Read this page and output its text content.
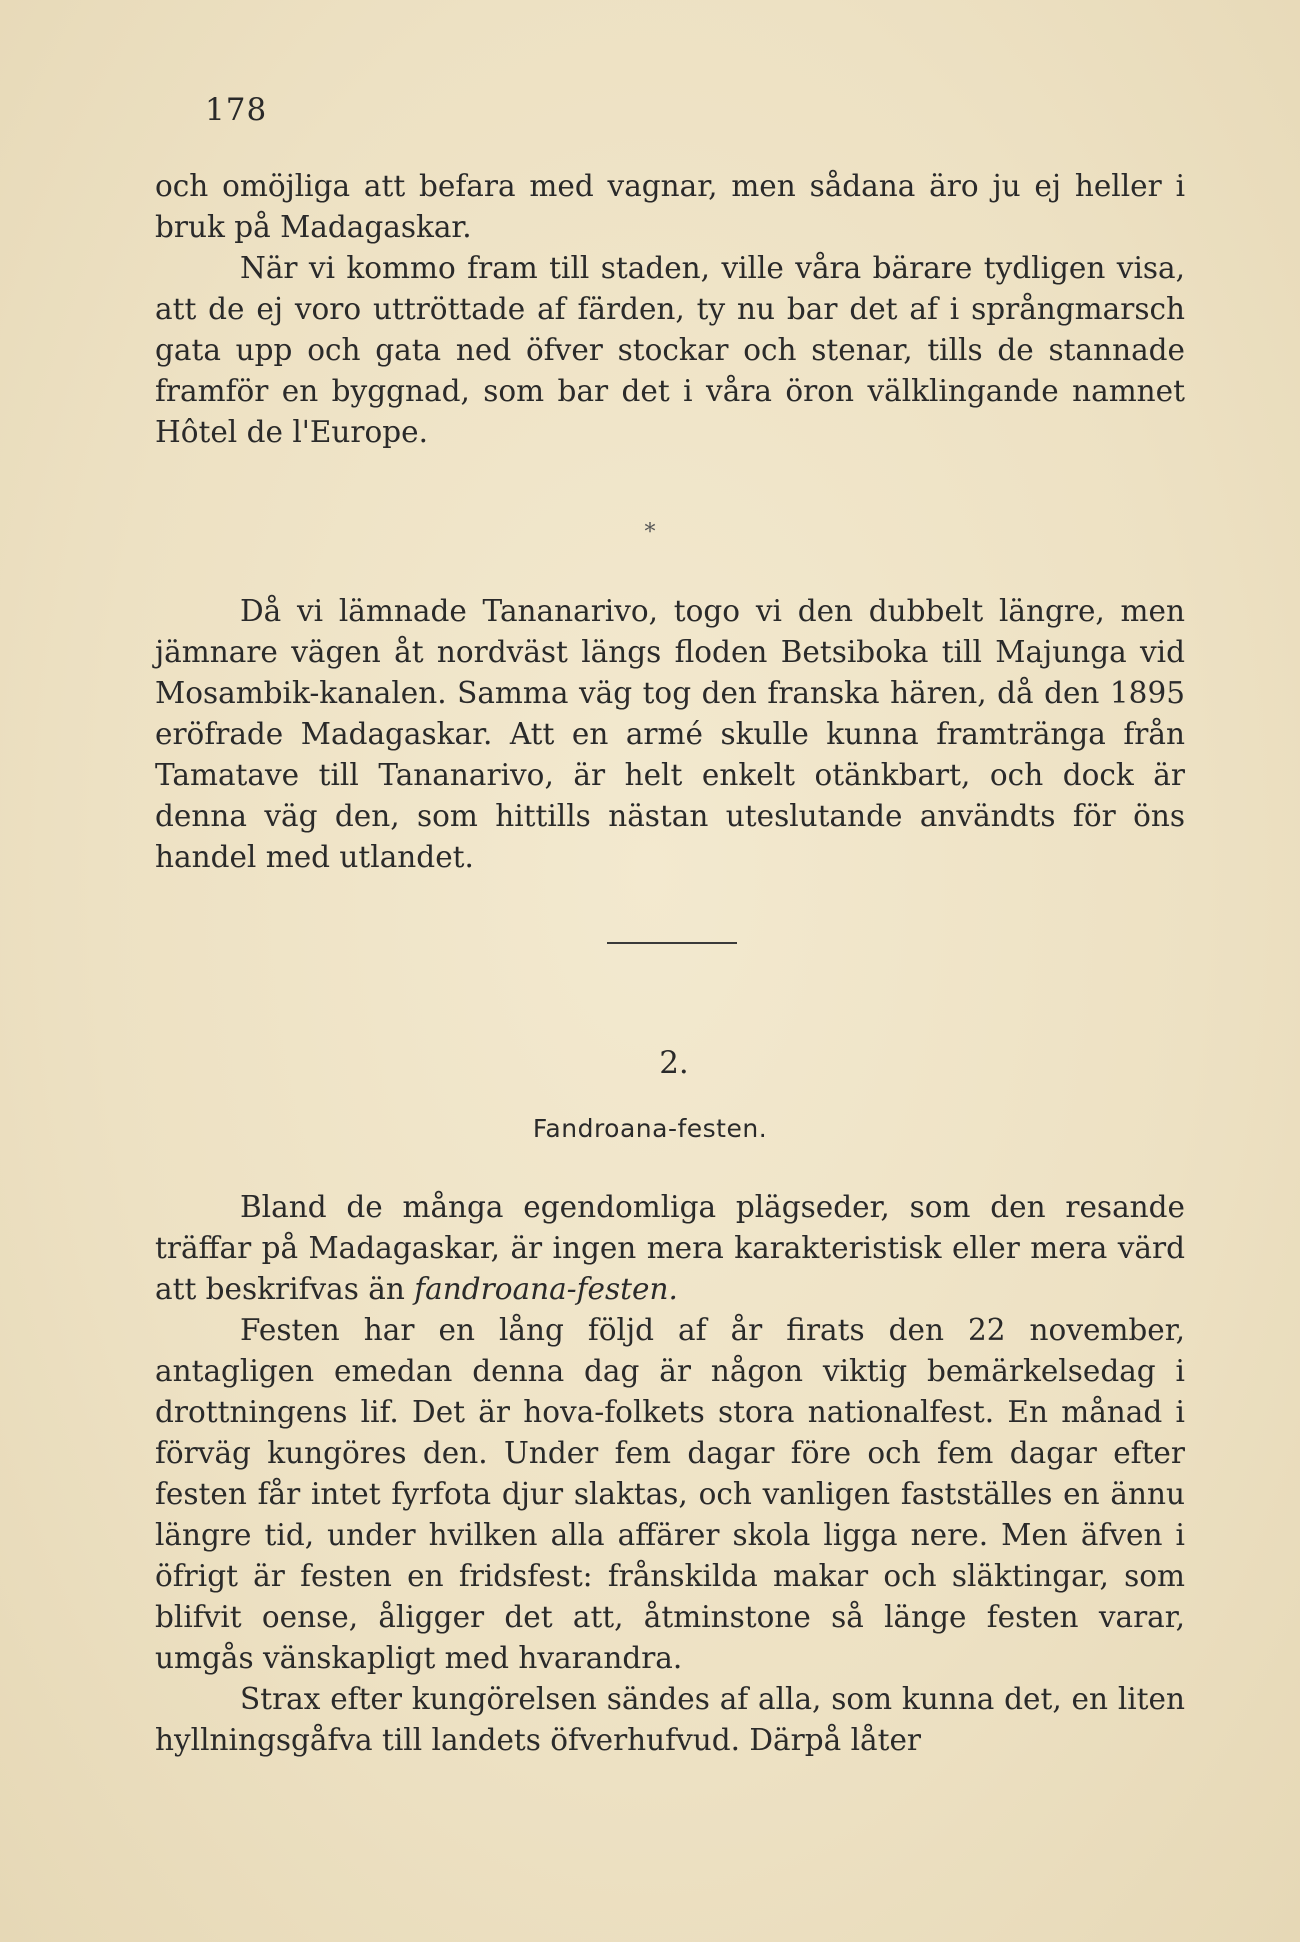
178

och omöjliga att befara med vagnar, men sådana äro ju ej heller i bruk på Madagaskar.

När vi kommo fram till staden, ville våra bärare tydligen visa, att de ej voro uttröttade af färden, ty nu bar det af i språngmarsch gata upp och gata ned öfver stockar och stenar, tills de stannade framför en byggnad, som bar det i våra öron välklingande namnet Hôtel de l'Europe.

*

Då vi lämnade Tananarivo, togo vi den dubbelt längre, men jämnare vägen åt nordväst längs floden Betsiboka till Majunga vid Mosambik-kanalen. Samma väg tog den franska hären, då den 1895 eröfrade Madagaskar. Att en armé skulle kunna framtränga från Tamatave till Tananarivo, är helt enkelt otänkbart, och dock är denna väg den, som hittills nästan uteslutande användts för öns handel med utlandet.

2.
Fandroana-festen.

Bland de många egendomliga plägseder, som den resande träffar på Madagaskar, är ingen mera karakteristisk eller mera värd att beskrifvas än fandroana-festen.

Festen har en lång följd af år firats den 22 november, antagligen emedan denna dag är någon viktig bemärkelsedag i drottningens lif. Det är hova-folkets stora nationalfest. En månad i förväg kungöres den. Under fem dagar före och fem dagar efter festen får intet fyrfota djur slaktas, och vanligen fastställes en ännu längre tid, under hvilken alla affärer skola ligga nere. Men äfven i öfrigt är festen en fridsfest: frånskilda makar och släktingar, som blifvit oense, åligger det att, åtminstone så länge festen varar, umgås vänskapligt med hvarandra.

Strax efter kungörelsen sändes af alla, som kunna det, en liten hyllningsgåfva till landets öfverhufvud. Därpå låter
